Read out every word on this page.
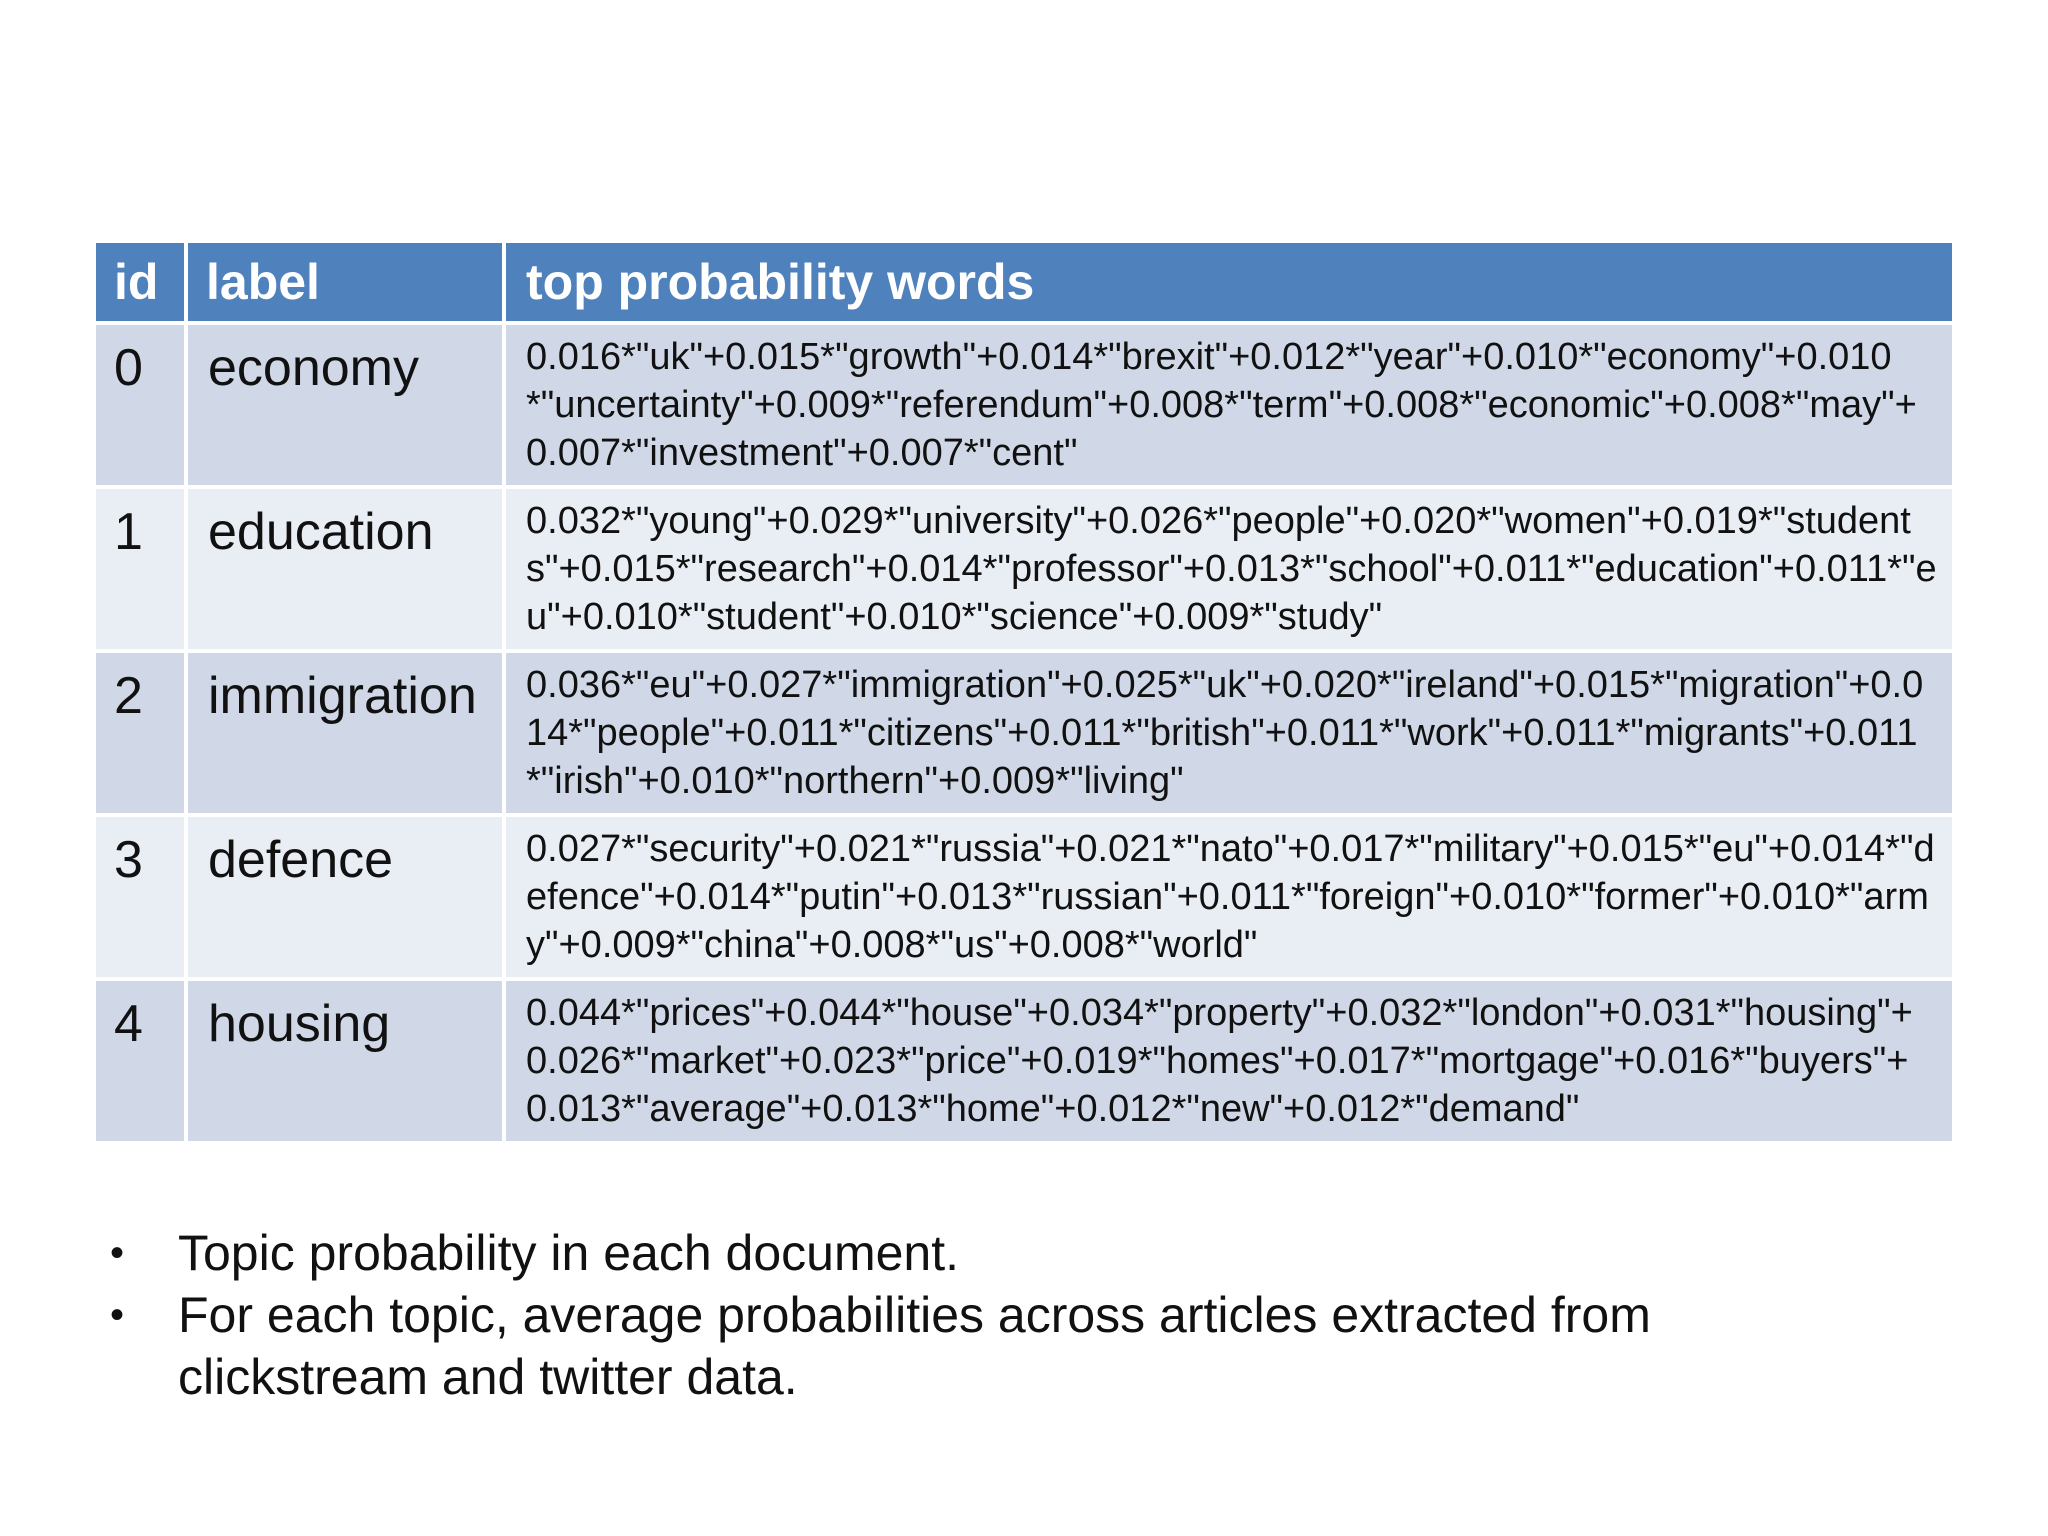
id	label	top probability words
0	economy	0.016*"uk"+0.015*"growth"+0.014*"brexit"+0.012*"year"+0.010*"economy"+0.010*"uncertainty"+0.009*"referendum"+0.008*"term"+0.008*"economic"+0.008*"may"+0.007*"investment"+0.007*"cent"
1	education	0.032*"young"+0.029*"university"+0.026*"people"+0.020*"women"+0.019*"students"+0.015*"research"+0.014*"professor"+0.013*"school"+0.011*"education"+0.011*"eu"+0.010*"student"+0.010*"science"+0.009*"study"
2	immigration	0.036*"eu"+0.027*"immigration"+0.025*"uk"+0.020*"ireland"+0.015*"migration"+0.014*"people"+0.011*"citizens"+0.011*"british"+0.011*"work"+0.011*"migrants"+0.011*"irish"+0.010*"northern"+0.009*"living"
3	defence	0.027*"security"+0.021*"russia"+0.021*"nato"+0.017*"military"+0.015*"eu"+0.014*"defence"+0.014*"putin"+0.013*"russian"+0.011*"foreign"+0.010*"former"+0.010*"army"+0.009*"china"+0.008*"us"+0.008*"world"
4	housing	0.044*"prices"+0.044*"house"+0.034*"property"+0.032*"london"+0.031*"housing"+0.026*"market"+0.023*"price"+0.019*"homes"+0.017*"mortgage"+0.016*"buyers"+0.013*"average"+0.013*"home"+0.012*"new"+0.012*"demand"
• Topic probability in each document.
• For each topic, average probabilities across articles extracted from clickstream and twitter data.
